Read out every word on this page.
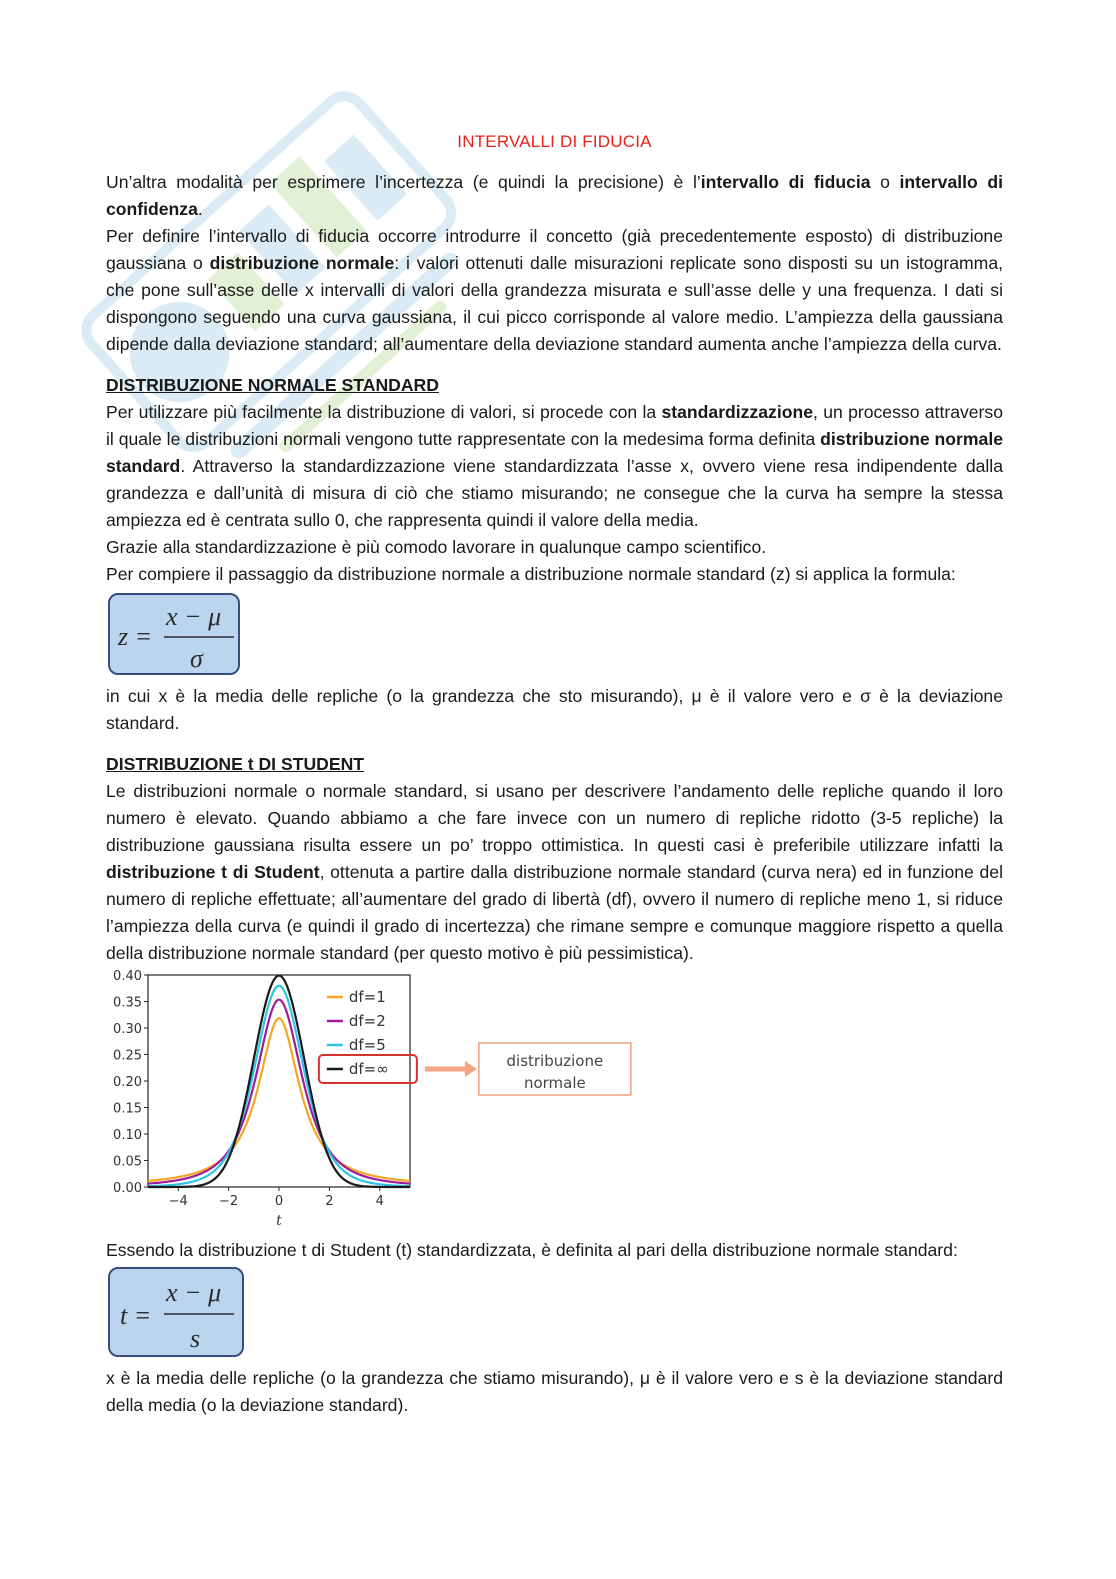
INTERVALLI DI FIDUCIA

Un’altra modalità per esprimere l’incertezza (e quindi la precisione) è l’intervallo di fiducia o intervallo di confidenza.

Per definire l’intervallo di fiducia occorre introdurre il concetto (già precedentemente esposto) di distribuzione gaussiana o distribuzione normale: i valori ottenuti dalle misurazioni replicate sono disposti su un istogramma, che pone sull’asse delle x intervalli di valori della grandezza misurata e sull’asse delle y una frequenza. I dati si dispongono seguendo una curva gaussiana, il cui picco corrisponde al valore medio. L’ampiezza della gaussiana dipende dalla deviazione standard; all’aumentare della deviazione standard aumenta anche l’ampiezza della curva.

DISTRIBUZIONE NORMALE STANDARD

Per utilizzare più facilmente la distribuzione di valori, si procede con la standardizzazione, un processo attraverso il quale le distribuzioni normali vengono tutte rappresentate con la medesima forma definita distribuzione normale standard. Attraverso la standardizzazione viene standardizzata l’asse x, ovvero viene resa indipendente dalla grandezza e dall’unità di misura di ciò che stiamo misurando; ne consegue che la curva ha sempre la stessa ampiezza ed è centrata sullo 0, che rappresenta quindi il valore della media.

Grazie alla standardizzazione è più comodo lavorare in qualunque campo scientifico.

Per compiere il passaggio da distribuzione normale a distribuzione normale standard (z) si applica la formula:

z =
x − μ
σ

in cui x è la media delle repliche (o la grandezza che sto misurando), μ è il valore vero e σ è la deviazione standard.

DISTRIBUZIONE t DI STUDENT

Le distribuzioni normale o normale standard, si usano per descrivere l’andamento delle repliche quando il loro numero è elevato. Quando abbiamo a che fare invece con un numero di repliche ridotto (3-5 repliche) la distribuzione gaussiana risulta essere un po’ troppo ottimistica. In questi casi è preferibile utilizzare infatti la distribuzione t di Student, ottenuta a partire dalla distribuzione normale standard (curva nera) ed in funzione del numero di repliche effettuate; all’aumentare del grado di libertà (df), ovvero il numero di repliche meno 1, si riduce l’ampiezza della curva (e quindi il grado di incertezza) che rimane sempre e comunque maggiore rispetto a quella della distribuzione normale standard (per questo motivo è più pessimistica).

0.00
0.05
0.10
0.15
0.20
0.25
0.30
0.35
0.40
−4 −2	0	2	4
t
df=1
df=2
df=5
df=∞	distribuzione
normale

Essendo la distribuzione t di Student (t) standardizzata, è definita al pari della distribuzione normale standard:

t =
x − μ
s

x è la media delle repliche (o la grandezza che stiamo misurando), μ è il valore vero e s è la deviazione standard della media (o la deviazione standard).
